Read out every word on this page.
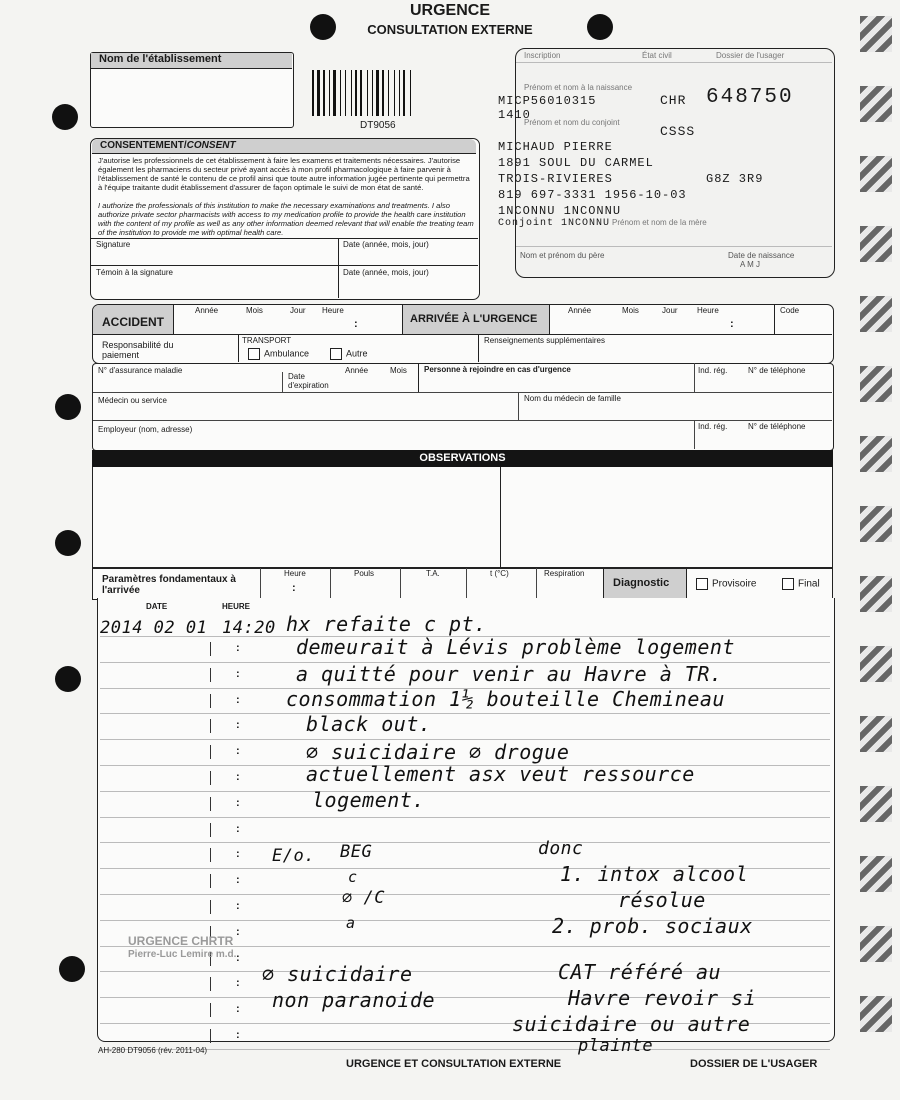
URGENCE
CONSULTATION EXTERNE
Nom de l'établissement
DT9056
CONSENTEMENT/CONSENT
J'autorise les professionnels de cet établissement à faire les examens et traitements nécessaires. J'autorise également les pharmaciens du secteur privé ayant accès à mon profil pharmacologique à faire parvenir à l'établissement de santé le contenu de ce profil ainsi que toute autre information jugée pertinente qui permettra à l'équipe traitante dudit établissement d'assurer de façon optimale le suivi de mon état de santé.
I authorize the professionals of this institution to make the necessary examinations and treatments. I also authorize private sector pharmacists with access to my medication profile to provide the health care institution with the content of my profile as well as any other information deemed relevant that will enable the treating team of the institution to provide me with optimal health care.
Signature	Date (année, mois, jour)
Témoin à la signature	Date (année, mois, jour)
Inscription	État civil	Dossier de l'usager
Prénom et nom à la naissance
Prénom et nom du conjoint
Prénom et nom de la mère
Nom et prénom du père	Date de naissance
A M J
MICP56010315	CHR 648750
1410
CSSS
MICHAUD PIERRE
1891 SOUL DU CARMEL
TROIS-RIVIERES	G8Z 3R9
819 697-3331 1956-10-03
1NCONNU 1NCONNU
Conjoint 1NCONNU
ACCIDENT
Année	Mois	Jour Heure
:	ARRIVÉE À L'URGENCE
Année	Mois	Jour Heure
:
Code
Responsabilité du paiement
TRANSPORT
Ambulance	Autre
Renseignements supplémentaires
N° d'assurance maladie
Date d'expiration
Année	Mois Personne à rejoindre en cas d'urgence	Ind. rég.	N° de téléphone
Médecin ou service	Nom du médecin de famille
Employeur (nom, adresse)	Ind. rég.	N° de téléphone
OBSERVATIONS
Paramètres fondamentaux à l'arrivée
Heure
:
Pouls	T.A.	t (°C)	Respiration
Diagnostic	Provisoire	Final
DATE	HEURE
:
:
:
:
:
:
:
:
:
:
:
:
:
:
:
:
2014 02 01 14:20 hx refaite c pt.
demeurait à Lévis problème logement
a quitté pour venir au Havre à TR.
consommation 1½ bouteille Chemineau
black out.
∅ suicidaire ∅ drogue
actuellement asx veut ressource
logement.
E/o. BEG
c
∅ /C
a
donc
1. intox alcool
résolue
2. prob. sociaux
∅ suicidaire
non paranoide
CAT référé au
Havre revoir si
suicidaire ou autre
plainte
URGENCE CHRTR
Pierre-Luc Lemire m.d.
AH-280 DT9056 (rév. 2011-04)
URGENCE ET CONSULTATION EXTERNE	DOSSIER DE L'USAGER
